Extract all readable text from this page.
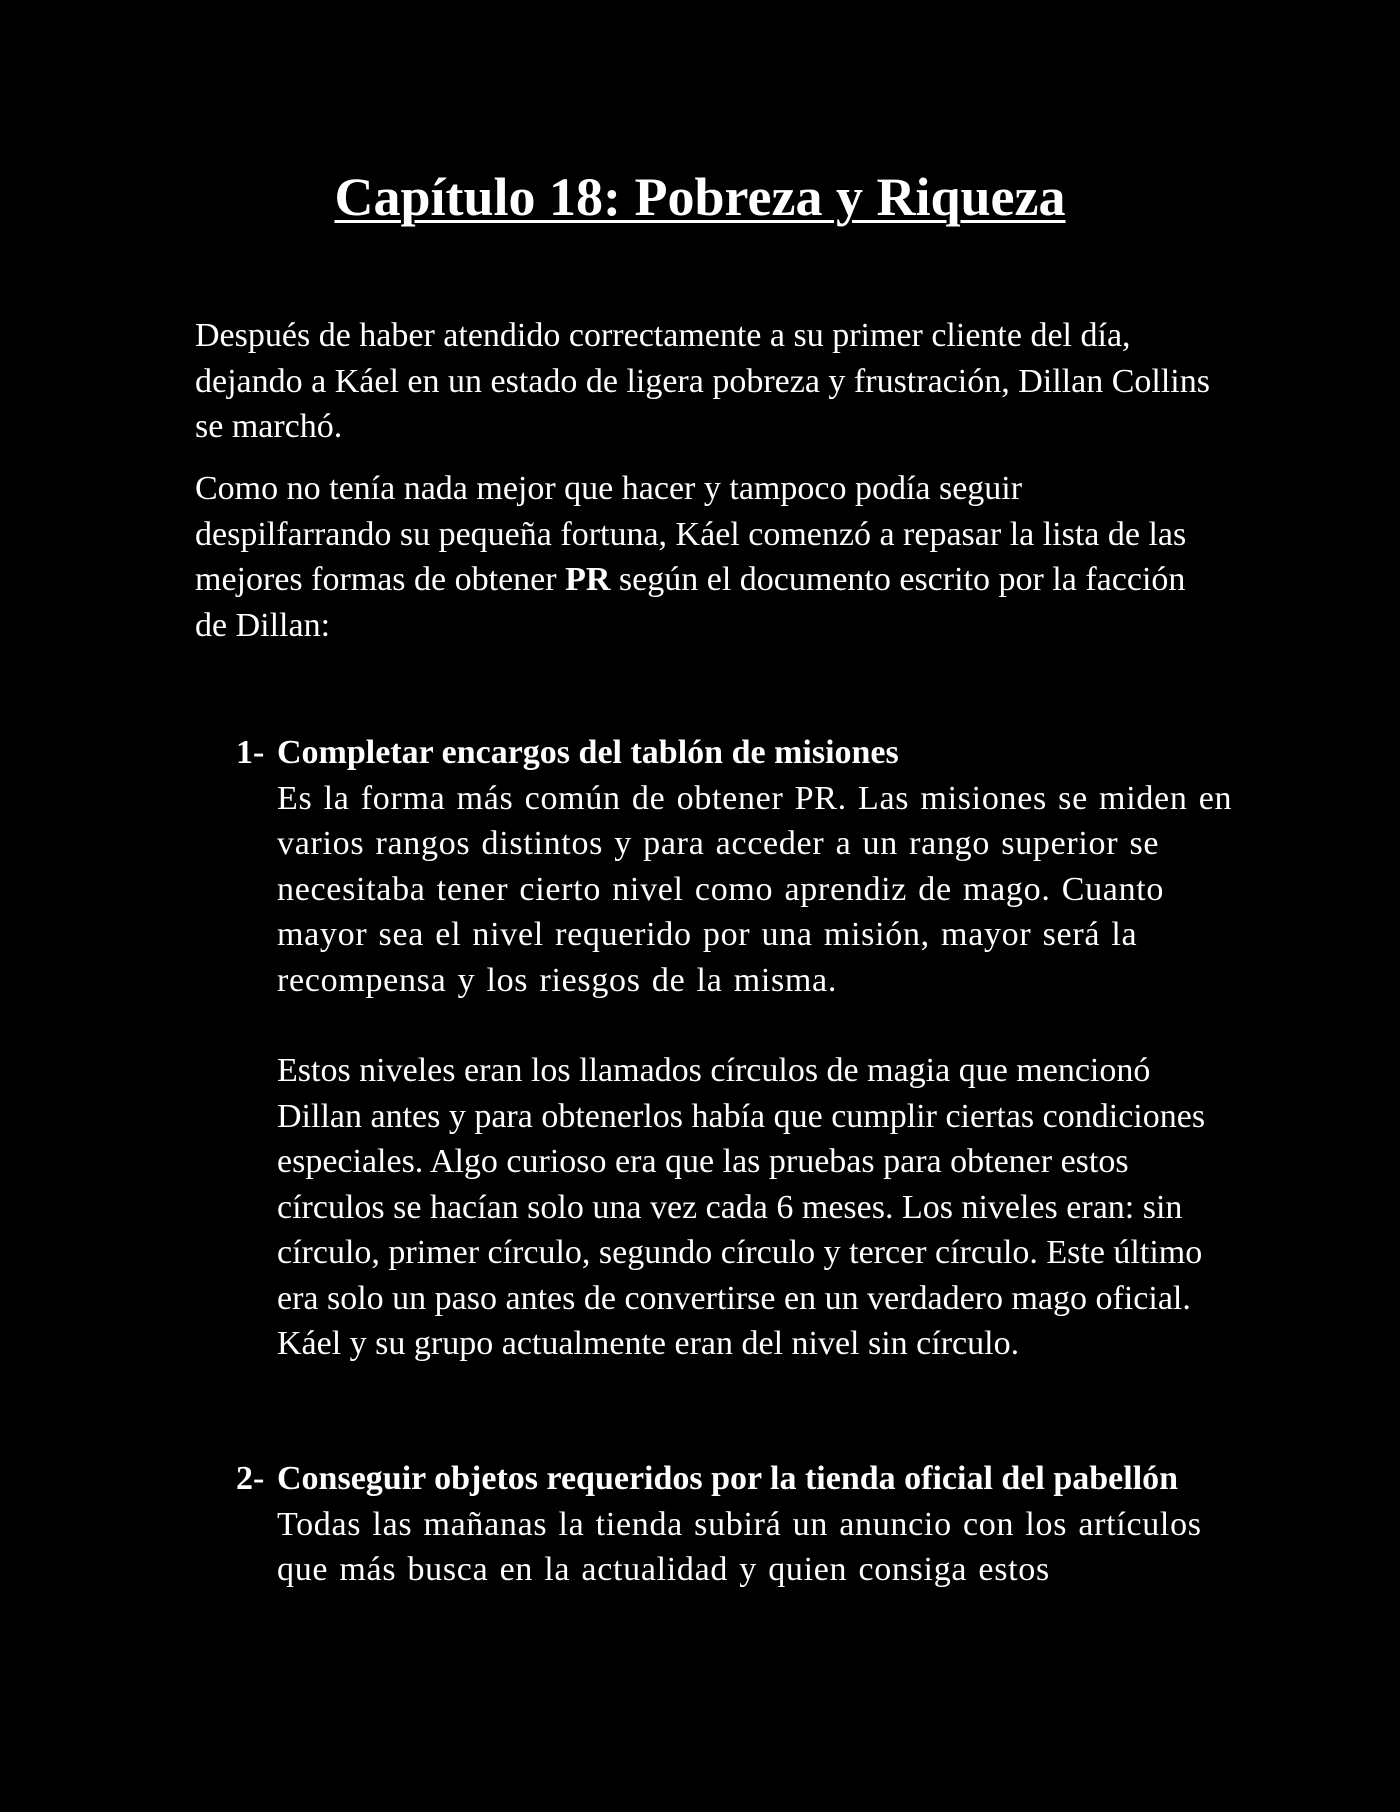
Capítulo 18: Pobreza y Riqueza

Después de haber atendido correctamente a su primer cliente del día, dejando a Káel en un estado de ligera pobreza y frustración, Dillan Collins se marchó.

Como no tenía nada mejor que hacer y tampoco podía seguir despilfarrando su pequeña fortuna, Káel comenzó a repasar la lista de las mejores formas de obtener PR según el documento escrito por la facción de Dillan:

1- Completar encargos del tablón de misiones

Es la forma más común de obtener PR. Las misiones se miden en varios rangos distintos y para acceder a un rango superior se necesitaba tener cierto nivel como aprendiz de mago. Cuanto mayor sea el nivel requerido por una misión, mayor será la recompensa y los riesgos de la misma.

Estos niveles eran los llamados círculos de magia que mencionó Dillan antes y para obtenerlos había que cumplir ciertas condiciones especiales. Algo curioso era que las pruebas para obtener estos círculos se hacían solo una vez cada 6 meses. Los niveles eran: sin círculo, primer círculo, segundo círculo y tercer círculo. Este último era solo un paso antes de convertirse en un verdadero mago oficial. Káel y su grupo actualmente eran del nivel sin círculo.

2- Conseguir objetos requeridos por la tienda oficial del pabellón

Todas las mañanas la tienda subirá un anuncio con los artículos que más busca en la actualidad y quien consiga estos
